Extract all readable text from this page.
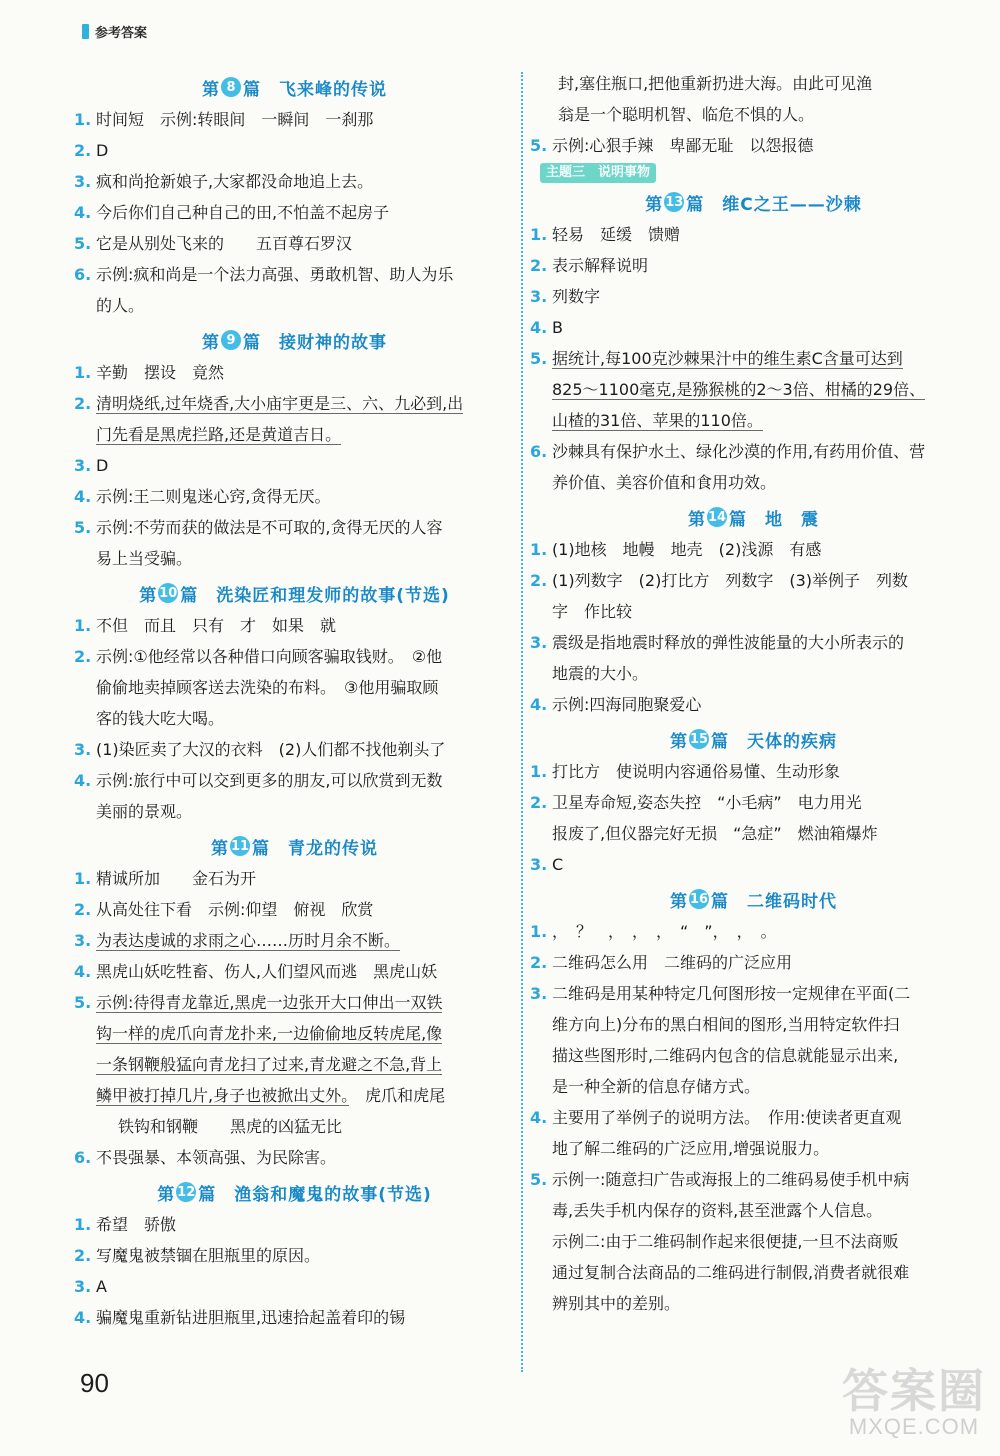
参考答案
第 8 篇 飞来峰的传说
1. 时间短　示例:转眼间　一瞬间　一刹那
2. D
3. 疯和尚抢新娘子,大家都没命地追上去。
4. 今后你们自己种自己的田,不怕盖不起房子
5. 它是从别处飞来的　　五百尊石罗汉
6. 示例:疯和尚是一个法力高强、勇敢机智、助人为乐
的人。
第 9 篇 接财神的故事
1. 辛勤　摆设　竟然
2. 清明烧纸,过年烧香,大小庙宇更是三、六、九必到,出
门先看是黑虎拦路,还是黄道吉日。
3. D
4. 示例:王二则鬼迷心窍,贪得无厌。
5. 示例:不劳而获的做法是不可取的,贪得无厌的人容
易上当受骗。
第 10 篇 洗染匠和理发师的故事(节选)
1. 不但　而且　只有　才　如果　就
2. 示例:①他经常以各种借口向顾客骗取钱财。　②他
偷偷地卖掉顾客送去洗染的布料。　③他用骗取顾
客的钱大吃大喝。
3. (1)染匠卖了大汉的衣料　(2)人们都不找他剃头了
4. 示例:旅行中可以交到更多的朋友,可以欣赏到无数
美丽的景观。
第 11 篇 青龙的传说
1. 精诚所加　　金石为开
2. 从高处往下看　示例:仰望　俯视　欣赏
3. 为表达虔诚的求雨之心……历时月余不断。
4. 黑虎山妖吃牲畜、伤人,人们望风而逃　黑虎山妖
5. 示例:待得青龙靠近,黑虎一边张开大口伸出一双铁
钩一样的虎爪向青龙扑来,一边偷偷地反转虎尾,像
一条钢鞭般猛向青龙扫了过来,青龙避之不急,背上
鳞甲被打掉几片,身子也被掀出丈外。　虎爪和虎尾
　铁钩和钢鞭　　黑虎的凶猛无比
6. 不畏强暴、本领高强、为民除害。
第 12 篇 渔翁和魔鬼的故事(节选)
1. 希望　骄傲
2. 写魔鬼被禁锢在胆瓶里的原因。
3. A
4. 骗魔鬼重新钻进胆瓶里,迅速拾起盖着印的锡
封,塞住瓶口,把他重新扔进大海。由此可见渔
翁是一个聪明机智、临危不惧的人。
5. 示例:心狠手辣　卑鄙无耻　以怨报德
主题三　说明事物
第 13 篇 维C之王——沙棘
1. 轻易　延缓　馈赠
2. 表示解释说明
3. 列数字
4. B
5. 据统计,每100克沙棘果汁中的维生素C含量可达到
825～1100毫克,是猕猴桃的2～3倍、柑橘的29倍、
山楂的31倍、苹果的110倍。
6. 沙棘具有保护水土、绿化沙漠的作用,有药用价值、营
养价值、美容价值和食用功效。
第 14 篇 地　震
1. (1)地核　地幔　地壳　(2)浅源　有感
2. (1)列数字　(2)打比方　列数字　(3)举例子　列数
字　作比较
3. 震级是指地震时释放的弹性波能量的大小所表示的
地震的大小。
4. 示例:四海同胞聚爱心
第 15 篇 天体的疾病
1. 打比方　使说明内容通俗易懂、生动形象
2. 卫星寿命短,姿态失控　“小毛病”　电力用光
报废了,但仪器完好无损　“急症”　燃油箱爆炸
3. C
第 16 篇 二维码时代
1. ，　？　，　，　，　“　”，　，　。
2. 二维码怎么用　二维码的广泛应用
3. 二维码是用某种特定几何图形按一定规律在平面(二
维方向上)分布的黑白相间的图形,当用特定软件扫
描这些图形时,二维码内包含的信息就能显示出来,
是一种全新的信息存储方式。
4. 主要用了举例子的说明方法。　作用:使读者更直观
地了解二维码的广泛应用,增强说服力。
5. 示例一:随意扫广告或海报上的二维码易使手机中病
毒,丢失手机内保存的资料,甚至泄露个人信息。
示例二:由于二维码制作起来很便捷,一旦不法商贩
通过复制合法商品的二维码进行制假,消费者就很难
辨别其中的差别。
90	答案圈
MXQE.COM
